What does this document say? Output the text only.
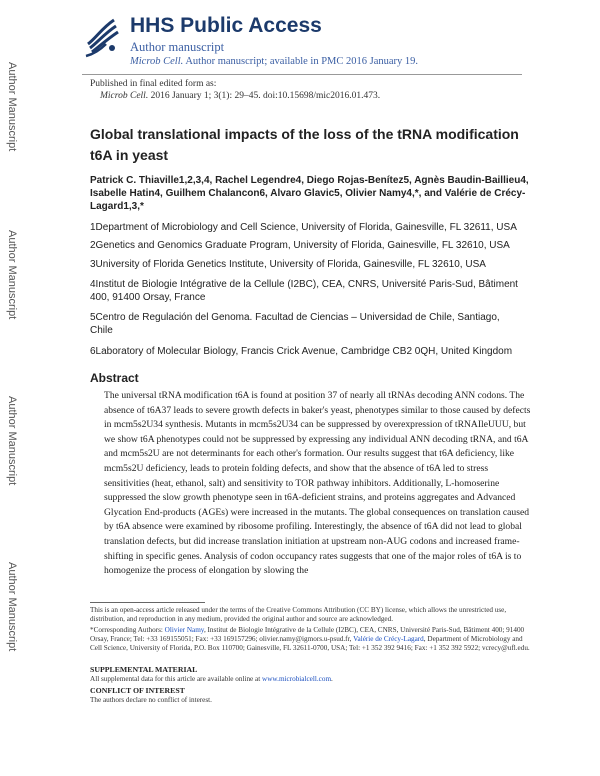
Author Manuscript
Author Manuscript
Author Manuscript
Author Manuscript
HHS Public Access
Author manuscript
Microb Cell. Author manuscript; available in PMC 2016 January 19.
Published in final edited form as:
Microb Cell. 2016 January 1; 3(1): 29–45. doi:10.15698/mic2016.01.473.
Global translational impacts of the loss of the tRNA modification t6A in yeast
Patrick C. Thiaville1,2,3,4, Rachel Legendre4, Diego Rojas-Benítez5, Agnès Baudin-Baillieu4, Isabelle Hatin4, Guilhem Chalancon6, Alvaro Glavic5, Olivier Namy4,*, and Valérie de Crécy-Lagard1,3,*
1Department of Microbiology and Cell Science, University of Florida, Gainesville, FL 32611, USA
2Genetics and Genomics Graduate Program, University of Florida, Gainesville, FL 32610, USA
3University of Florida Genetics Institute, University of Florida, Gainesville, FL 32610, USA
4Institut de Biologie Intégrative de la Cellule (I2BC), CEA, CNRS, Université Paris-Sud, Bâtiment 400, 91400 Orsay, France
5Centro de Regulación del Genoma. Facultad de Ciencias – Universidad de Chile, Santiago, Chile
6Laboratory of Molecular Biology, Francis Crick Avenue, Cambridge CB2 0QH, United Kingdom
Abstract
The universal tRNA modification t6A is found at position 37 of nearly all tRNAs decoding ANN codons. The absence of t6A37 leads to severe growth defects in baker's yeast, phenotypes similar to those caused by defects in mcm5s2U34 synthesis. Mutants in mcm5s2U34 can be suppressed by overexpression of tRNAIleUUU, but we show t6A phenotypes could not be suppressed by expressing any individual ANN decoding tRNA, and t6A and mcm5s2U are not determinants for each other's formation. Our results suggest that t6A deficiency, like mcm5s2U deficiency, leads to protein folding defects, and show that the absence of t6A led to stress sensitivities (heat, ethanol, salt) and sensitivity to TOR pathway inhibitors. Additionally, L-homoserine suppressed the slow growth phenotype seen in t6A-deficient strains, and proteins aggregates and Advanced Glycation End-products (AGEs) were increased in the mutants. The global consequences on translation caused by t6A absence were examined by ribosome profiling. Interestingly, the absence of t6A did not lead to global translation defects, but did increase translation initiation at upstream non-AUG codons and increased frame-shifting in specific genes. Analysis of codon occupancy rates suggests that one of the major roles of t6A is to homogenize the process of elongation by slowing the
This is an open-access article released under the terms of the Creative Commons Attribution (CC BY) license, which allows the unrestricted use, distribution, and reproduction in any medium, provided the original author and source are acknowledged.
*Corresponding Authors: Olivier Namy, Institut de Biologie Intégrative de la Cellule (I2BC), CEA, CNRS, Université Paris-Sud, Bâtiment 400; 91400 Orsay, France; Tel: +33 169155051; Fax: +33 169157296; olivier.namy@igmors.u-psud.fr, Valérie de Crécy-Lagard, Department of Microbiology and Cell Science, University of Florida, P.O. Box 110700; Gainesville, FL 32611-0700, USA; Tel: +1 352 392 9416; Fax: +1 352 392 5922; vcrecy@ufl.edu.
SUPPLEMENTAL MATERIAL
All supplemental data for this article are available online at www.microbialcell.com.
CONFLICT OF INTEREST
The authors declare no conflict of interest.
